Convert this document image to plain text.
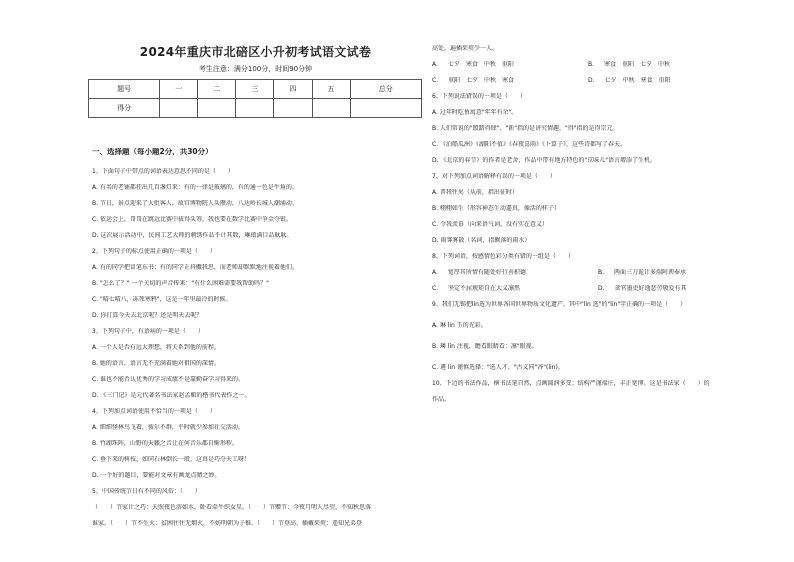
2024年重庆市北碚区小升初考试语文试卷
考生注意：满分100分，时间90分钟
题号	一	二	三	四	五	总分
得分						
一、选择题（每小题2分，共30分）
1、下面句子中带点的词语表达意思不同的是（　　）
A. 有名的老铺都挂出几百盏灯来：有的一律是玻璃的，有的通一色是牛角的。
B. 节日，景点迎来了大批客人，故宫博物院人头攒动，八达岭长城人潮涌动。
C. 依运会上，哥哥在跳远比赛中拔得头筹，我也要在数学比赛中争金夺银。
D. 这次展示活动中，民间工艺大师的刺绣作品不计其数，琳琅满目品耿耿。
2、下列句子的标点使用正确的一项是（　　）
A. 有的同学把冒笔东书；有的同学正抖擞我思，而老师却默默地注视着他们。
B. "怎么了？" 一个关切的声音传来："有什么困难需要我帮助吗？"
C. "晴七晴八，冻死寒鸦"，这是一年里最冷的时候。
D. 你打算今天去北京呢？还是明天去呢？
3、下列句子中，有语病的一项是（　　）
A. 一个人是否有远大理想，将关系到他的前程。
B. 她的语言，语言无不充满着她对祖国的深情。
C. 谁也不能否认优秀的学习成绩不是靠勤奋学习得来的。
D. 《三门记》是元代著名书法家赵孟頫的楷书代表作之一。
4、下列加点词语使用不恰当的一项是（　　）
A. 细细怪林鸟飞着，彼尔不群，平时就少参加社交活动。
B. 竹湖珠阵，山野的天籁之音让在何音乐都自惭形秽。
C. 垂下来的树枝，如同石林倒长一般，这真是巧夺天工呀！
D. 一个好的题目，要能对文章有画龙点睛之妙。
5、中国传统节日有不同的风俗：（　　）
（　　）节家计之巧：天照夜色溶如水，卧看牵牛织女星。（　　）节赠节：今夜月明人尽望，不知秋思落
谁家。（　　）节不生火：贫困往往无烟火，不妨明朝为子推。（　　）节登高、插戴茱萸：遥知兄弟登
高处，遍插茱萸少一人。
A. 七夕　寒食　中秋　重阳	B. 寒食　重阳　七夕　中秋
C. 重阳　七夕　中秋　寒食	D. 七夕　中秋　寒食　重阳
6、下列说法错误的一项是（　　）
A. 过年时吃鱼寓意"年年有余"。
B. 人们常说的"骰踏得肆"、"新"指的是讲究情趣，"得"指的是得宗元。
C. 《泊船瓜洲》《湖阳不值》《春夜喜雨》《卜算子》，这些诗都写了春天。
D. 《北京的春节》的作者是老舍，作品中带有地方特色的"京味儿"语言增添了生机。
7、对下列加点词语解释有误的一项是（　　）
A. 普我往矣（从前，指出征时）
B. 栩栩如生（形容神态生动逼真，像活的样子）
C. 令我羡慕（向来语气词，没有实在意义）
D. 雨霁雾散（名词，指飘落的雨水）
8、下列词语，按感情色彩分类有错的一组是（　　）
A. 宽厚其所情有随处好行善积德	B. 两面三刀诡计多端阿谀奉承
C. 坚定不屈规矩自在大义凛然	D. 贪官墨吏好逸恶劳敬爱有其
9、我们无锡把lin选为世界各国世界物质文化遗产，其中"lin 选"的"lin"字正确的一项是（　　）
A. 琳 lin 玉的光彩。
B. 璘 lin 注视，瞻看眼睛看：凛"眼视。
C. 遴 lin 谨慎选择："选人才。"古义同"吝"(lin)。
10、下边的书法作品，横书法笔自然，点画圆润多变；结构严谨端庄，丰正宽博。这是书法家（　　）的
作品。
